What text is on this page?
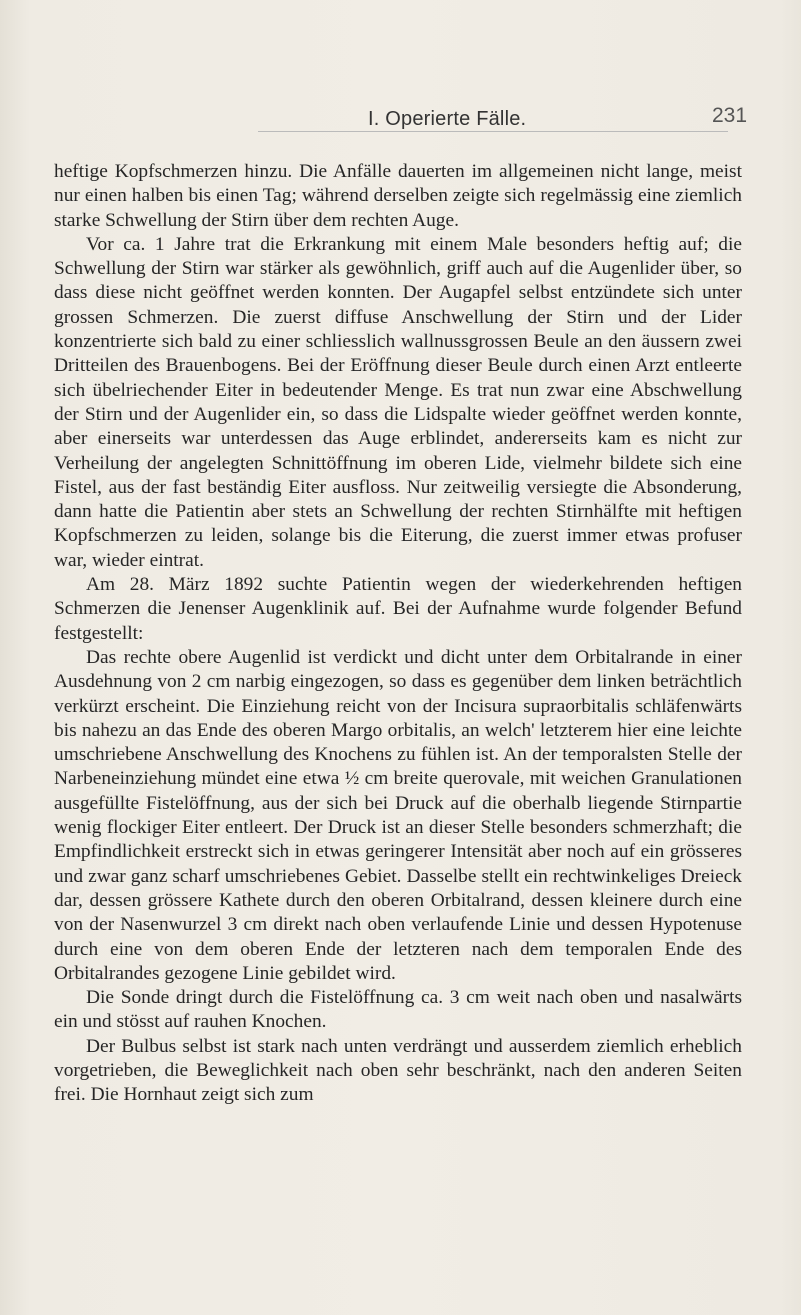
I. Operierte Fälle.	231

heftige Kopfschmerzen hinzu. Die Anfälle dauerten im allgemeinen nicht lange, meist nur einen halben bis einen Tag; während derselben zeigte sich regelmässig eine ziemlich starke Schwellung der Stirn über dem rechten Auge.

Vor ca. 1 Jahre trat die Erkrankung mit einem Male besonders heftig auf; die Schwellung der Stirn war stärker als gewöhnlich, griff auch auf die Augenlider über, so dass diese nicht geöffnet werden konnten. Der Augapfel selbst entzündete sich unter grossen Schmerzen. Die zuerst diffuse Anschwellung der Stirn und der Lider konzentrierte sich bald zu einer schliesslich wallnussgrossen Beule an den äussern zwei Dritteilen des Brauenbogens. Bei der Eröffnung dieser Beule durch einen Arzt entleerte sich übelriechender Eiter in bedeutender Menge. Es trat nun zwar eine Abschwellung der Stirn und der Augenlider ein, so dass die Lidspalte wieder geöffnet werden konnte, aber einerseits war unterdessen das Auge erblindet, andererseits kam es nicht zur Verheilung der angelegten Schnittöffnung im oberen Lide, vielmehr bildete sich eine Fistel, aus der fast beständig Eiter ausfloss. Nur zeitweilig versiegte die Absonderung, dann hatte die Patientin aber stets an Schwellung der rechten Stirnhälfte mit heftigen Kopfschmerzen zu leiden, solange bis die Eiterung, die zuerst immer etwas profuser war, wieder eintrat.

Am 28. März 1892 suchte Patientin wegen der wiederkehrenden heftigen Schmerzen die Jenenser Augenklinik auf. Bei der Aufnahme wurde folgender Befund festgestellt:

Das rechte obere Augenlid ist verdickt und dicht unter dem Orbitalrande in einer Ausdehnung von 2 cm narbig eingezogen, so dass es gegenüber dem linken beträchtlich verkürzt erscheint. Die Einziehung reicht von der Incisura supraorbitalis schläfenwärts bis nahezu an das Ende des oberen Margo orbitalis, an welch' letzterem hier eine leichte umschriebene Anschwellung des Knochens zu fühlen ist. An der temporalsten Stelle der Narbeneinziehung mündet eine etwa ½ cm breite querovale, mit weichen Granulationen ausgefüllte Fistelöffnung, aus der sich bei Druck auf die oberhalb liegende Stirnpartie wenig flockiger Eiter entleert. Der Druck ist an dieser Stelle besonders schmerzhaft; die Empfindlichkeit erstreckt sich in etwas geringerer Intensität aber noch auf ein grösseres und zwar ganz scharf umschriebenes Gebiet. Dasselbe stellt ein rechtwinkeliges Dreieck dar, dessen grössere Kathete durch den oberen Orbitalrand, dessen kleinere durch eine von der Nasenwurzel 3 cm direkt nach oben verlaufende Linie und dessen Hypotenuse durch eine von dem oberen Ende der letzteren nach dem temporalen Ende des Orbitalrandes gezogene Linie gebildet wird.

Die Sonde dringt durch die Fistelöffnung ca. 3 cm weit nach oben und nasalwärts ein und stösst auf rauhen Knochen.

Der Bulbus selbst ist stark nach unten verdrängt und ausserdem ziemlich erheblich vorgetrieben, die Beweglichkeit nach oben sehr beschränkt, nach den anderen Seiten frei. Die Hornhaut zeigt sich zum
